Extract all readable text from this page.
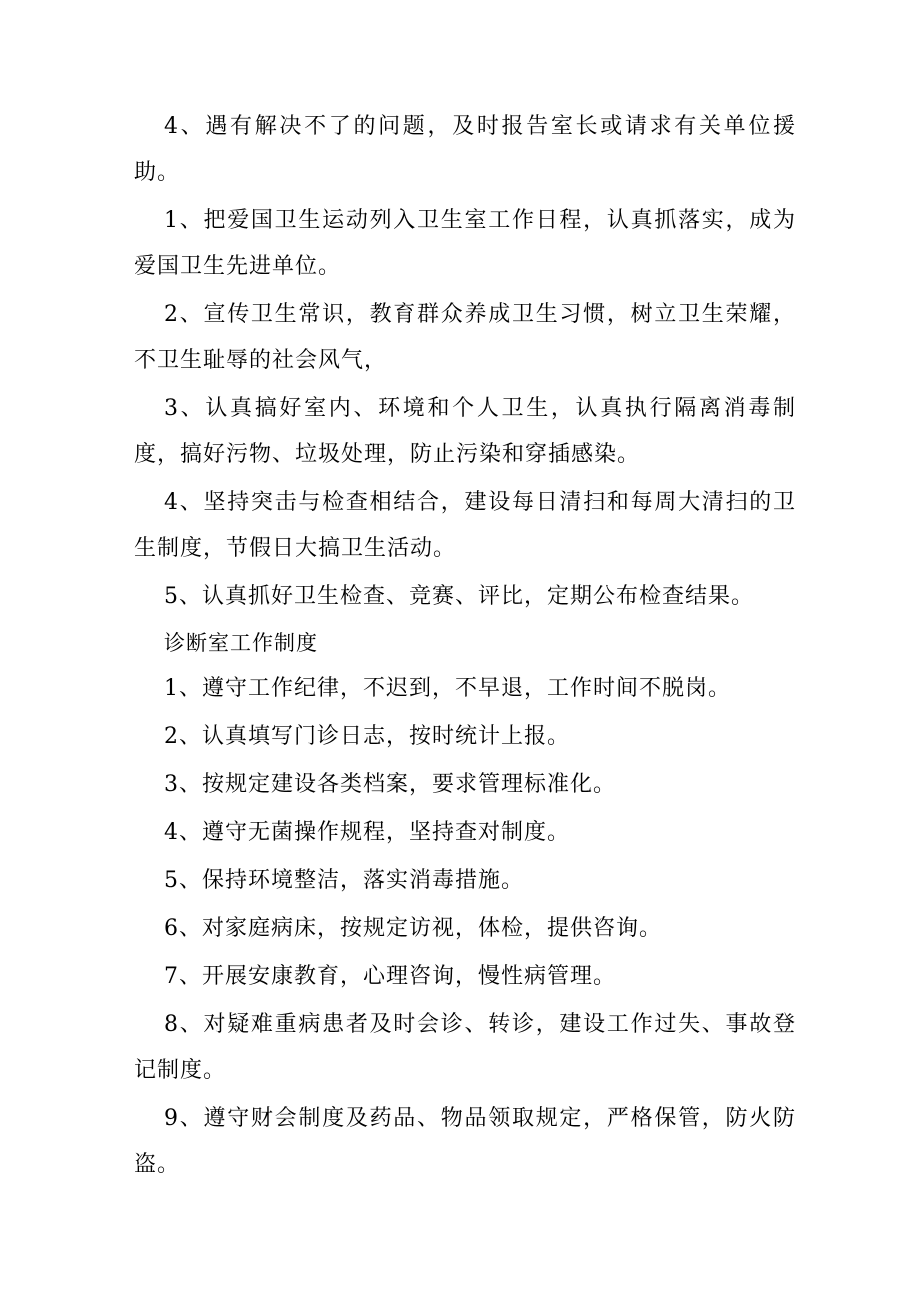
4、遇有解决不了的问题，及时报告室长或请求有关单位援助。

1、把爱国卫生运动列入卫生室工作日程，认真抓落实，成为爱国卫生先进单位。

2、宣传卫生常识，教育群众养成卫生习惯，树立卫生荣耀，不卫生耻辱的社会风气，

3、认真搞好室内、环境和个人卫生，认真执行隔离消毒制度，搞好污物、垃圾处理，防止污染和穿插感染。

4、坚持突击与检查相结合，建设每日清扫和每周大清扫的卫生制度，节假日大搞卫生活动。

5、认真抓好卫生检查、竞赛、评比，定期公布检查结果。

诊断室工作制度

1、遵守工作纪律，不迟到，不早退，工作时间不脱岗。

2、认真填写门诊日志，按时统计上报。

3、按规定建设各类档案，要求管理标准化。

4、遵守无菌操作规程，坚持查对制度。

5、保持环境整洁，落实消毒措施。

6、对家庭病床，按规定访视，体检，提供咨询。

7、开展安康教育，心理咨询，慢性病管理。

8、对疑难重病患者及时会诊、转诊，建设工作过失、事故登记制度。

9、遵守财会制度及药品、物品领取规定，严格保管，防火防盗。
